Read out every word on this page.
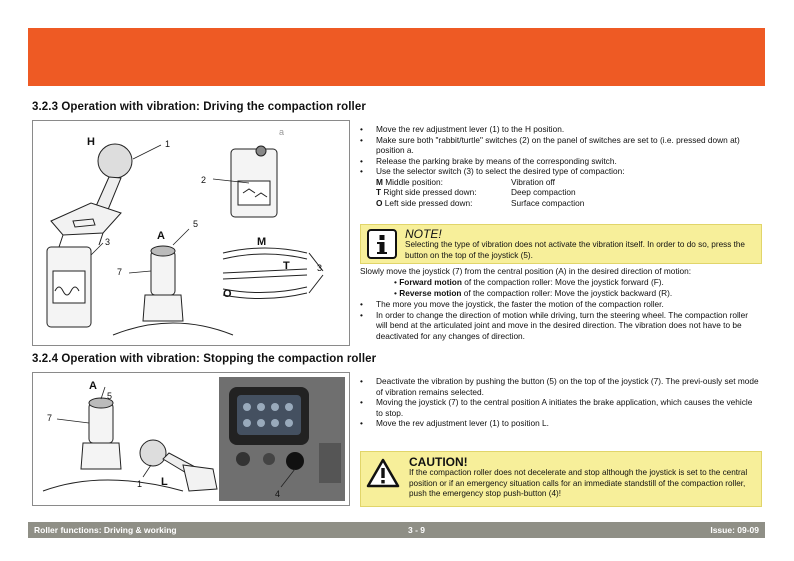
3.2.3 Operation with vibration: Driving the compaction roller
H	1
2
a
3	A
5
M
T	3
7
O
• Move the rev adjustment lever (1) to the H position.
• Make sure both "rabbit/turtle" switches (2) on the panel of switches are set to (i.e. pressed down at) position a.
• Release the parking brake by means of the corresponding switch.
• Use the selector switch (3) to select the desired type of compaction:
M Middle position:	Vibration off
T Right side pressed down:	Deep compaction
O Left side pressed down:	Surface compaction
NOTE!
Selecting the type of vibration does not activate the vibration itself. In order to do so, press the button on the top of the joystick (5).
Slowly move the joystick (7) from the central position (A) in the desired direction of motion:
• Forward motion of the compaction roller: Move the joystick forward (F).
• Reverse motion of the compaction roller: Move the joystick backward (R).
• The more you move the joystick, the faster the motion of the compaction roller.
• In order to change the direction of motion while driving, turn the steering wheel. The compaction roller will bend at the articulated joint and move in the desired direction. The vibration does not have to be deactivated for any changes of direction.
3.2.4 Operation with vibration: Stopping the compaction roller
A
5
7
1 L
4
• Deactivate the vibration by pushing the button (5) on the top of the joystick (7). The previ-ously set mode of vibration remains selected.
• Moving the joystick (7) to the central position A initiates the brake application, which causes the vehicle to stop.
• Move the rev adjustment lever (1) to position L.
CAUTION!
If the compaction roller does not decelerate and stop although the joystick is set to the central position or if an emergency situation calls for an immediate standstill of the compaction roller, push the emergency stop push-button (4)!
Roller functions: Driving & working	3 - 9	Issue: 09-09
